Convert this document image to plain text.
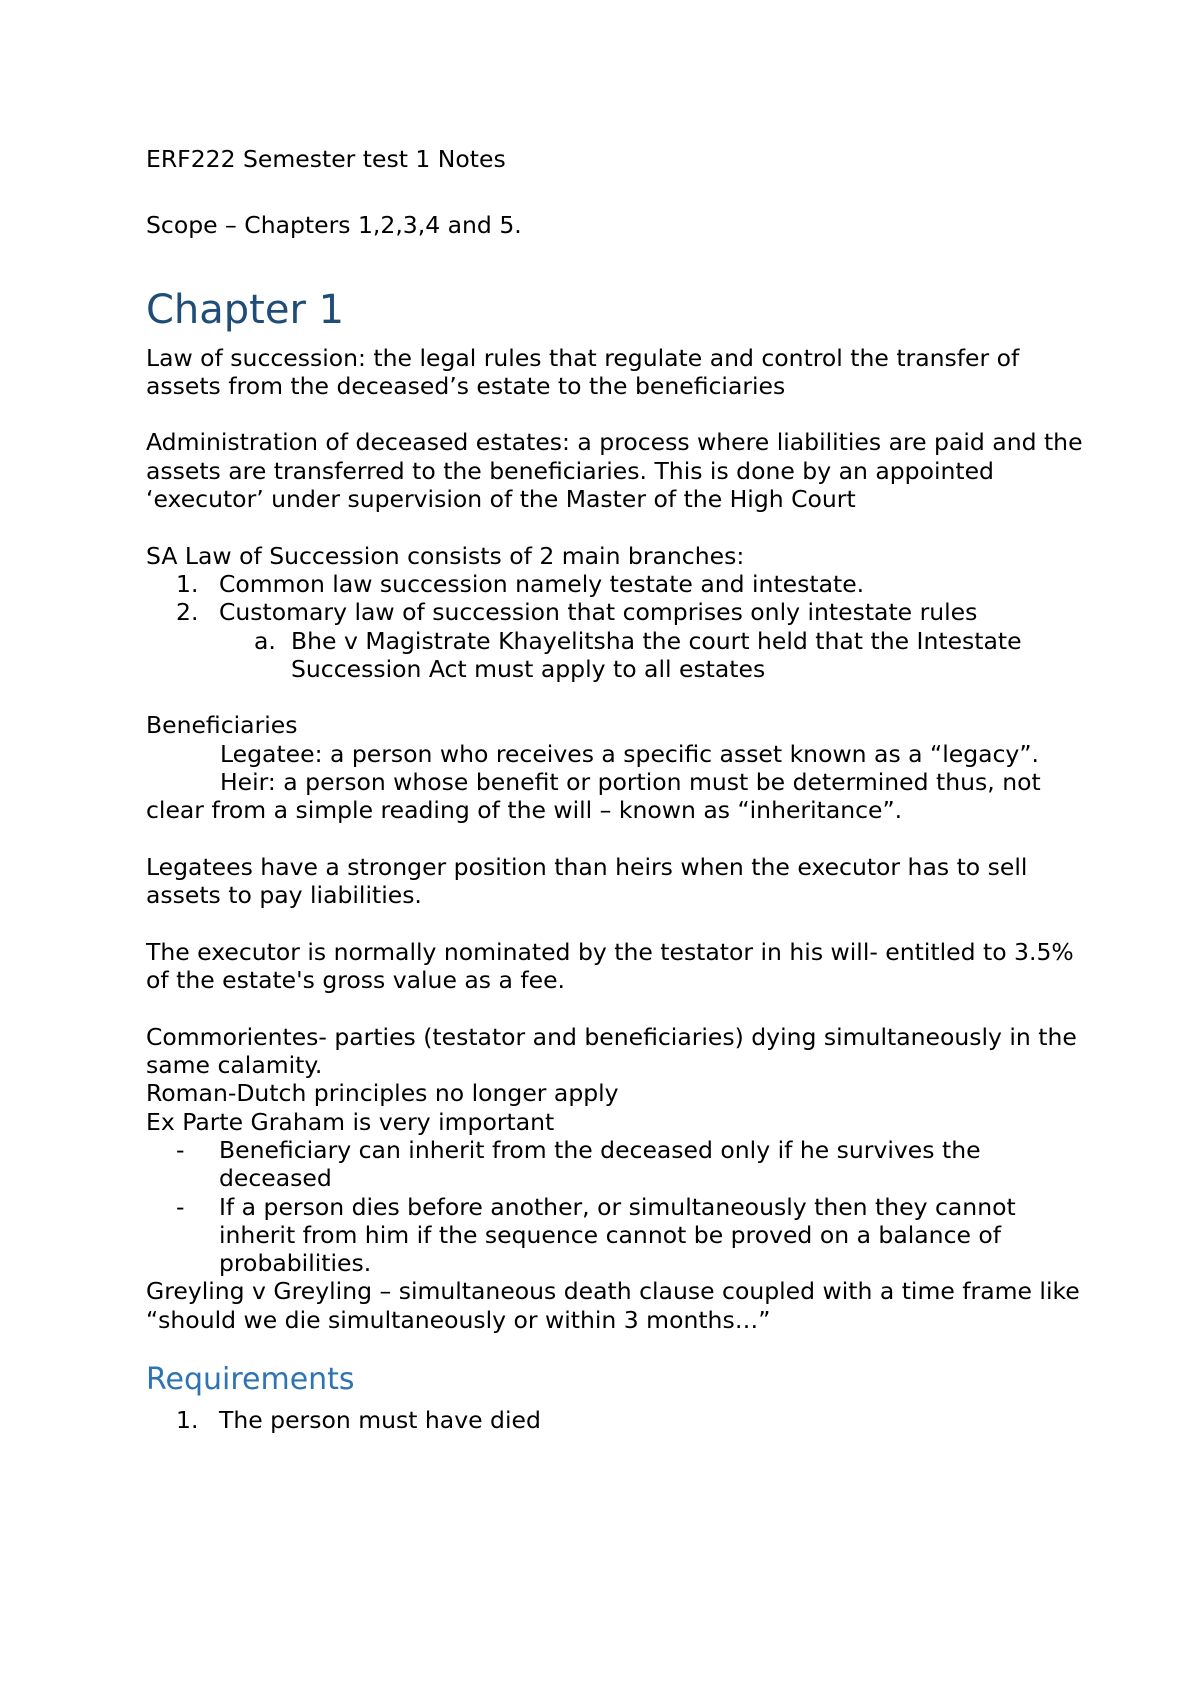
ERF222 Semester test 1 Notes

Scope – Chapters 1,2,3,4 and 5.

Chapter 1

Law of succession: the legal rules that regulate and control the transfer of assets from the deceased’s estate to the beneficiaries

Administration of deceased estates: a process where liabilities are paid and the assets are transferred to the beneficiaries. This is done by an appointed ‘executor’ under supervision of the Master of the High Court

SA Law of Succession consists of 2 main branches:

1. Common law succession namely testate and intestate.
2. Customary law of succession that comprises only intestate rules
a. Bhe v Magistrate Khayelitsha the court held that the Intestate Succession Act must apply to all estates

Beneficiaries

Legatee: a person who receives a specific asset known as a “legacy”.

Heir: a person whose benefit or portion must be determined thus, not clear from a simple reading of the will – known as “inheritance”.

Legatees have a stronger position than heirs when the executor has to sell assets to pay liabilities.

The executor is normally nominated by the testator in his will- entitled to 3.5% of the estate's gross value as a fee.

Commorientes- parties (testator and beneficiaries) dying simultaneously in the same calamity.

Roman-Dutch principles no longer apply

Ex Parte Graham is very important

-	Beneficiary can inherit from the deceased only if he survives the deceased
-	If a person dies before another, or simultaneously then they cannot inherit from him if the sequence cannot be proved on a balance of probabilities.

Greyling v Greyling – simultaneous death clause coupled with a time frame like “should we die simultaneously or within 3 months…”

Requirements
1. The person must have died
